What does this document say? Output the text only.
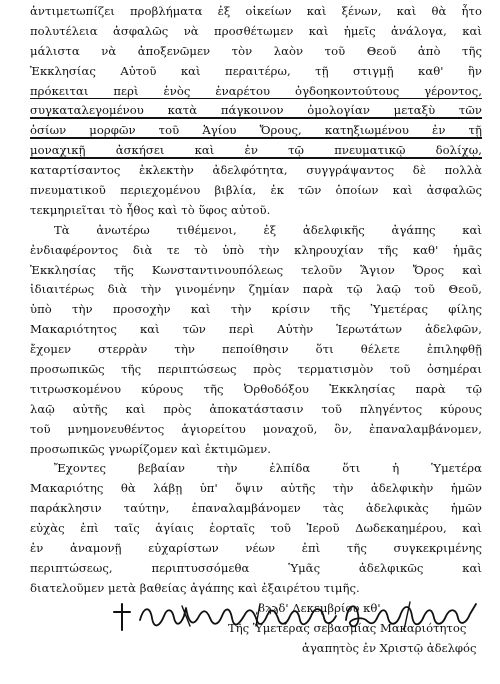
ἀντιμετωπίζει προβλήματα ἐξ οἰκείων καὶ ξένων, καὶ θὰ ἦτο
πολυτέλεια ἀσφαλῶς νὰ προσθέτωμεν καὶ ἡμεῖς ἀνάλογα, καὶ
μάλιστα νὰ ἀποξενῶμεν τὸν λαὸν τοῦ Θεοῦ ἀπὸ τῆς
Ἐκκλησίας Αὐτοῦ καὶ περαιτέρω, τῇ στιγμῇ καθ' ἣν
πρόκειται περὶ ἑνὸς ἐναρέτου ὀγδοηκοντούτους γέροντος,
συγκαταλεγομένου κατὰ πάγκοινον ὁμολογίαν μεταξὺ τῶν
ὁσίων μορφῶν τοῦ Ἁγίου Ὄρους, κατηξιωμένου ἐν τῇ
μοναχικῇ ἀσκήσει καὶ ἐν τῷ πνευματικῷ δολίχῳ,
καταρτίσαντος ἐκλεκτὴν ἀδελφότητα, συγγράψαντος δὲ πολλὰ
πνευματικοῦ περιεχομένου βιβλία, ἐκ τῶν ὁποίων καὶ ἀσφαλῶς
τεκμηριεῖται τὸ ἦθος καὶ τὸ ὕφος αὐτοῦ.
Τὰ ἀνωτέρω τιθέμενοι, ἐξ ἀδελφικῆς ἀγάπης καὶ
ἐνδιαφέροντος διὰ τε τὸ ὑπὸ τὴν κληρουχίαν τῆς καθ' ἡμᾶς
Ἐκκλησίας τῆς Κωνσταντινουπόλεως τελοῦν Ἅγιον Ὄρος καὶ
ἰδιαιτέρως διὰ τὴν γινομένην ζημίαν παρὰ τῷ λαῷ τοῦ Θεοῦ,
ὑπὸ τὴν προσοχὴν καὶ τὴν κρίσιν τῆς Ὑμετέρας φίλης
Μακαριότητος καὶ τῶν περὶ Αὐτὴν Ἱερωτάτων ἀδελφῶν,
ἔχομεν στερρὰν τὴν πεποίθησιν ὅτι θέλετε ἐπιληφθῇ
προσωπικῶς τῆς περιπτώσεως πρὸς τερματισμὸν τοῦ ὁσημέραι
τιτρωσκομένου κύρους τῆς Ὀρθοδόξου Ἐκκλησίας παρὰ τῷ
λαῷ αὐτῆς καὶ πρὸς ἀποκατάστασιν τοῦ πληγέντος κύρους
τοῦ μνημονευθέντος ἁγιορείτου μοναχοῦ, ὃν, ἐπαναλαμβάνομεν,
προσωπικῶς γνωρίζομεν καὶ ἐκτιμῶμεν.
Ἔχοντες βεβαίαν τὴν ἐλπίδα ὅτι ἡ Ὑμετέρα
Μακαριότης θὰ λάβῃ ὑπ' ὄψιν αὐτῆς τὴν ἀδελφικὴν ἡμῶν
παράκλησιν ταύτην, ἐπαναλαμβάνομεν τὰς ἀδελφικὰς ἡμῶν
εὐχὰς ἐπὶ ταῖς ἁγίαις ἑορταῖς τοῦ Ἱεροῦ Δωδεκαημέρου, καὶ
ἐν ἀναμονῇ εὐχαρίστων νέων ἐπὶ τῆς συγκεκριμένης
περιπτώσεως, περιπτυσσόμεθα Ὑμᾶς ἀδελφικῶς καὶ
διατελοῦμεν μετὰ βαθείας ἀγάπης καὶ ἐξαιρέτου τιμῆς.
͵ϐϡϡδ' Δεκεμβρίου κθ'
Τῆς Ὑμετέρας σεβασμίας Μακαριότητος
ἀγαπητὸς ἐν Χριστῷ ἀδελφός
